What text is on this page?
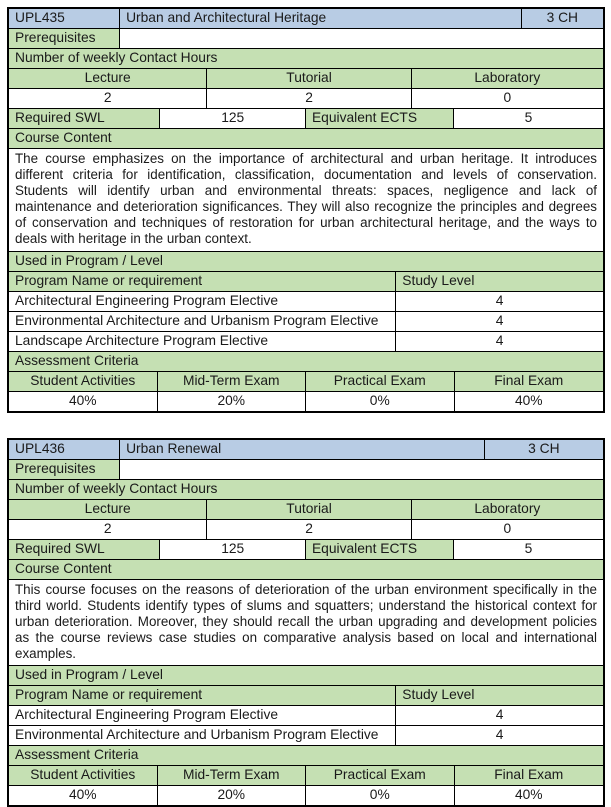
UPL435	Urban and Architectural Heritage	3 CH
Prerequisites
Number of weekly Contact Hours
Lecture	Tutorial	Laboratory
2	2	0
Required SWL	125	Equivalent ECTS	5
Course Content
The course emphasizes on the importance of architectural and urban heritage. It introduces different criteria for identification, classification, documentation and levels of conservation. Students will identify urban and environmental threats: spaces, negligence and lack of maintenance and deterioration significances. They will also recognize the principles and degrees of conservation and techniques of restoration for urban architectural heritage, and the ways to deals with heritage in the urban context.
Used in Program / Level
Program Name or requirement	Study Level
Architectural Engineering Program Elective	4
Environmental Architecture and Urbanism Program Elective	4
Landscape Architecture Program Elective	4
Assessment Criteria
Student Activities	Mid-Term Exam	Practical Exam	Final Exam
40%	20%	0%	40%
UPL436	Urban Renewal	3 CH
Prerequisites
Number of weekly Contact Hours
Lecture	Tutorial	Laboratory
2	2	0
Required SWL	125	Equivalent ECTS	5
Course Content
This course focuses on the reasons of deterioration of the urban environment specifically in the third world. Students identify types of slums and squatters; understand the historical context for urban deterioration. Moreover, they should recall the urban upgrading and development policies as the course reviews case studies on comparative analysis based on local and international examples.
Used in Program / Level
Program Name or requirement	Study Level
Architectural Engineering Program Elective	4
Environmental Architecture and Urbanism Program Elective	4
Assessment Criteria
Student Activities	Mid-Term Exam	Practical Exam	Final Exam
40%	20%	0%	40%
